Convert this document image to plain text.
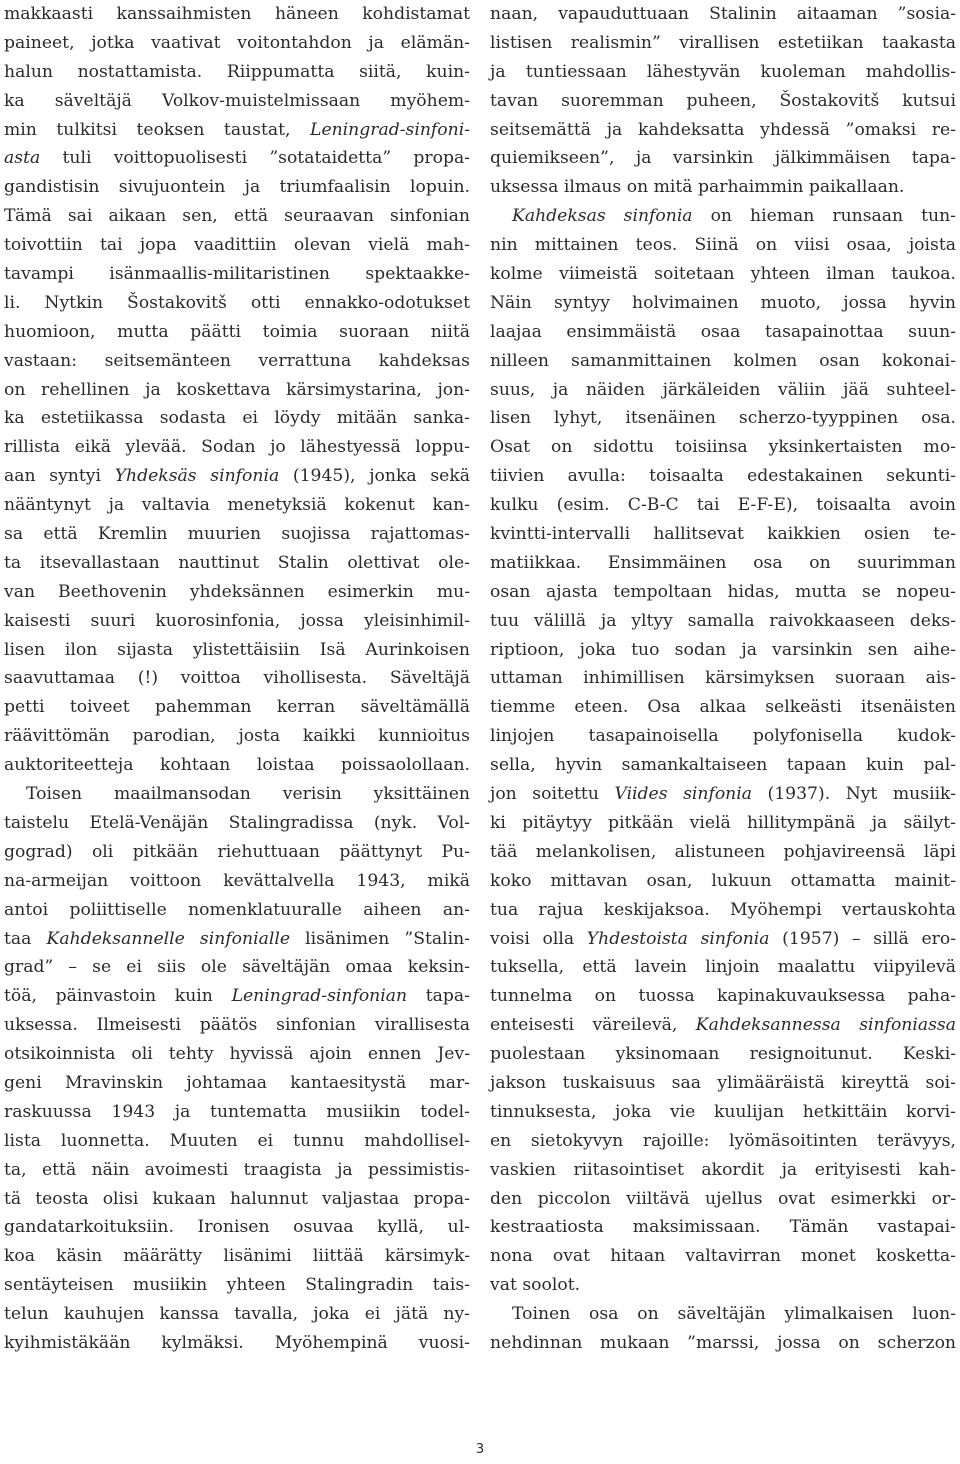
makkaasti kanssaihmisten häneen kohdistamat
paineet, jotka vaativat voitontahdon ja elämän-
halun nostattamista. Riippumatta siitä, kuin-
ka säveltäjä Volkov-muistelmissaan myöhem-
min tulkitsi teoksen taustat, Leningrad-sinfoni-
asta tuli voittopuolisesti ”sotataidetta” propa-
gandistisin sivujuontein ja triumfaalisin lopuin.
Tämä sai aikaan sen, että seuraavan sinfonian
toivottiin tai jopa vaadittiin olevan vielä mah-
tavampi isänmaallis-militaristinen spektaakke-
li. Nytkin Šostakovitš otti ennakko-odotukset
huomioon, mutta päätti toimia suoraan niitä
vastaan: seitsemänteen verrattuna kahdeksas
on rehellinen ja koskettava kärsimystarina, jon-
ka estetiikassa sodasta ei löydy mitään sanka-
rillista eikä ylevää. Sodan jo lähestyessä loppu-
aan syntyi Yhdeksäs sinfonia (1945), jonka sekä
nääntynyt ja valtavia menetyksiä kokenut kan-
sa että Kremlin muurien suojissa rajattomas-
ta itsevallastaan nauttinut Stalin olettivat ole-
van Beethovenin yhdeksännen esimerkin mu-
kaisesti suuri kuorosinfonia, jossa yleisinhimil-
lisen ilon sijasta ylistettäisiin Isä Aurinkoisen
saavuttamaa (!) voittoa vihollisesta. Säveltäjä
petti toiveet pahemman kerran säveltämällä
räävittömän parodian, josta kaikki kunnioitus
auktoriteetteja kohtaan loistaa poissaolollaan.
Toisen maailmansodan verisin yksittäinen
taistelu Etelä-Venäjän Stalingradissa (nyk. Vol-
gograd) oli pitkään riehuttuaan päättynyt Pu-
na-armeijan voittoon kevättalvella 1943, mikä
antoi poliittiselle nomenklatuuralle aiheen an-
taa Kahdeksannelle sinfonialle lisänimen ”Stalin-
grad” – se ei siis ole säveltäjän omaa keksin-
töä, päinvastoin kuin Leningrad-sinfonian tapa-
uksessa. Ilmeisesti päätös sinfonian virallisesta
otsikoinnista oli tehty hyvissä ajoin ennen Jev-
geni Mravinskin johtamaa kantaesitystä mar-
raskuussa 1943 ja tuntematta musiikin todel-
lista luonnetta. Muuten ei tunnu mahdollisel-
ta, että näin avoimesti traagista ja pessimistis-
tä teosta olisi kukaan halunnut valjastaa propa-
gandatarkoituksiin. Ironisen osuvaa kyllä, ul-
koa käsin määrätty lisänimi liittää kärsimyk-
sentäyteisen musiikin yhteen Stalingradin tais-
telun kauhujen kanssa tavalla, joka ei jätä ny-
kyihmistäkään kylmäksi. Myöhempinä vuosi-
naan, vapauduttuaan Stalinin aitaaman ”sosia-
listisen realismin” virallisen estetiikan taakasta
ja tuntiessaan lähestyvän kuoleman mahdollis-
tavan suoremman puheen, Šostakovitš kutsui
seitsemättä ja kahdeksatta yhdessä ”omaksi re-
quiemikseen”, ja varsinkin jälkimmäisen tapa-
uksessa ilmaus on mitä parhaimmin paikallaan.
Kahdeksas sinfonia on hieman runsaan tun-
nin mittainen teos. Siinä on viisi osaa, joista
kolme viimeistä soitetaan yhteen ilman taukoa.
Näin syntyy holvimainen muoto, jossa hyvin
laajaa ensimmäistä osaa tasapainottaa suun-
nilleen samanmittainen kolmen osan kokonai-
suus, ja näiden järkäleiden väliin jää suhteel-
lisen lyhyt, itsenäinen scherzo-tyyppinen osa.
Osat on sidottu toisiinsa yksinkertaisten mo-
tiivien avulla: toisaalta edestakainen sekunti-
kulku (esim. C-B-C tai E-F-E), toisaalta avoin
kvintti-intervalli hallitsevat kaikkien osien te-
matiikkaa. Ensimmäinen osa on suurimman
osan ajasta tempoltaan hidas, mutta se nopeu-
tuu välillä ja yltyy samalla raivokkaaseen deks-
riptioon, joka tuo sodan ja varsinkin sen aihe-
uttaman inhimillisen kärsimyksen suoraan ais-
tiemme eteen. Osa alkaa selkeästi itsenäisten
linjojen tasapainoisella polyfonisella kudok-
sella, hyvin samankaltaiseen tapaan kuin pal-
jon soitettu Viides sinfonia (1937). Nyt musiik-
ki pitäytyy pitkään vielä hillitympänä ja säilyt-
tää melankolisen, alistuneen pohjavireensä läpi
koko mittavan osan, lukuun ottamatta mainit-
tua rajua keskijaksoa. Myöhempi vertauskohta
voisi olla Yhdestoista sinfonia (1957) – sillä ero-
tuksella, että lavein linjoin maalattu viipyilevä
tunnelma on tuossa kapinakuvauksessa paha-
enteisesti väreilevä, Kahdeksannessa sinfoniassa
puolestaan yksinomaan resignoitunut. Keski-
jakson tuskaisuus saa ylimääräistä kireyttä soi-
tinnuksesta, joka vie kuulijan hetkittäin korvi-
en sietokyvyn rajoille: lyömäsoitinten terävyys,
vaskien riitasointiset akordit ja erityisesti kah-
den piccolon viiltävä ujellus ovat esimerkki or-
kestraatiosta maksimissaan. Tämän vastapai-
nona ovat hitaan valtavirran monet kosketta-
vat soolot.
Toinen osa on säveltäjän ylimalkaisen luon-
nehdinnan mukaan ”marssi, jossa on scherzon
3
